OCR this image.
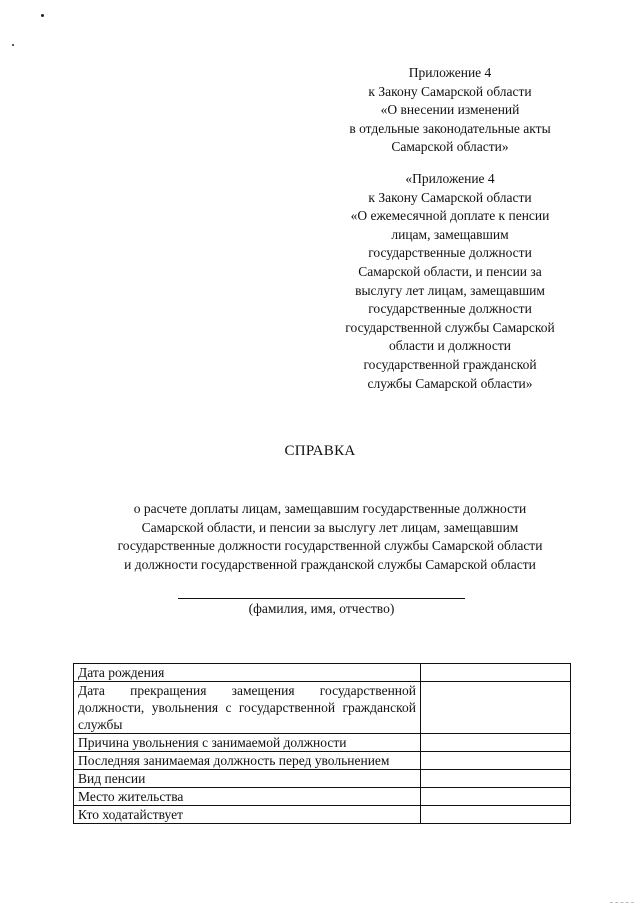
Приложение 4
к Закону Самарской области
«О внесении изменений
в отдельные законодательные акты
Самарской области»
«Приложение 4
к Закону Самарской области
«О ежемесячной доплате к пенсии
лицам, замещавшим
государственные должности
Самарской области, и пенсии за
выслугу лет лицам, замещавшим
государственные должности
государственной службы Самарской
области и должности
государственной гражданской
службы Самарской области»
СПРАВКА
о расчете доплаты лицам, замещавшим государственные должности
Самарской области, и пенсии за выслугу лет лицам, замещавшим
государственные должности государственной службы Самарской области
и должности государственной гражданской службы Самарской области
(фамилия, имя, отчество)
Дата рождения	
Дата прекращения замещения государственной должности, увольнения с государственной гражданской службы	
Причина увольнения с занимаемой должности	
Последняя занимаемая должность перед увольнением	
Вид пенсии	
Место жительства	
Кто ходатайствует	
